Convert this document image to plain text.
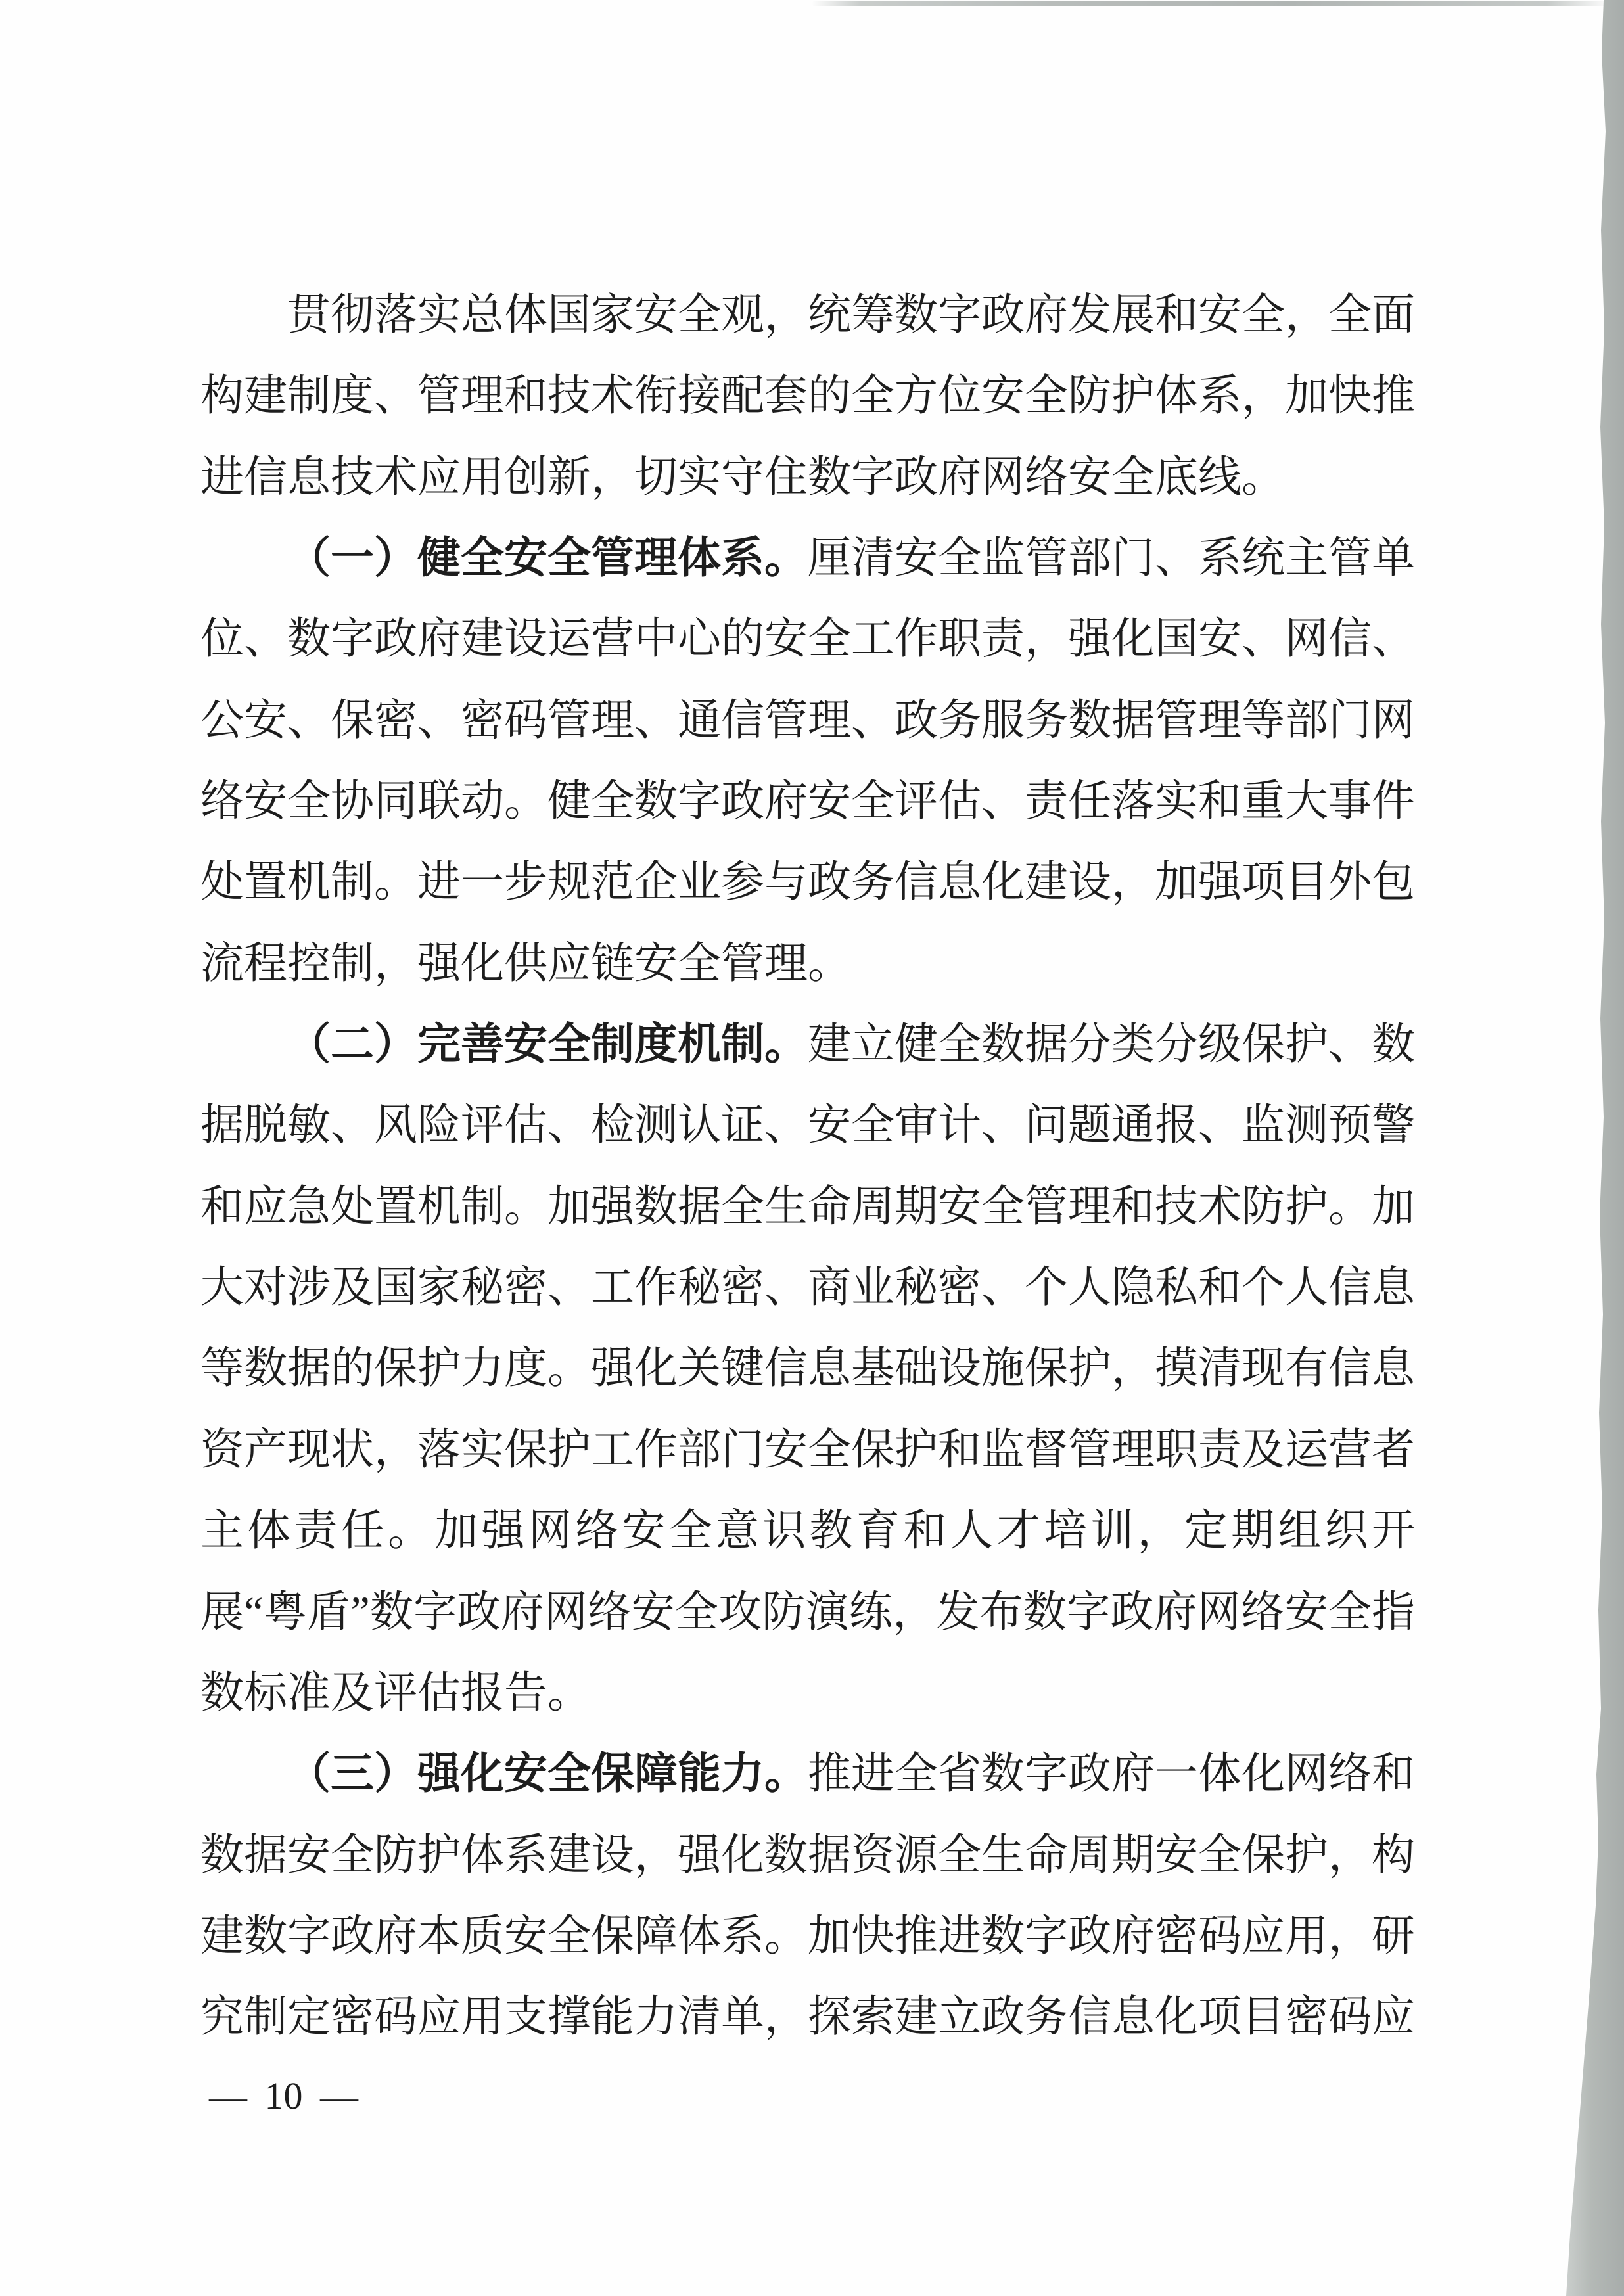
贯彻落实总体国家安全观，统筹数字政府发展和安全，全面构建制度、管理和技术衔接配套的全方位安全防护体系，加快推进信息技术应用创新，切实守住数字政府网络安全底线。

（一）健全安全管理体系。厘清安全监管部门、系统主管单位、数字政府建设运营中心的安全工作职责，强化国安、网信、公安、保密、密码管理、通信管理、政务服务数据管理等部门网络安全协同联动。健全数字政府安全评估、责任落实和重大事件处置机制。进一步规范企业参与政务信息化建设，加强项目外包流程控制，强化供应链安全管理。

（二）完善安全制度机制。建立健全数据分类分级保护、数据脱敏、风险评估、检测认证、安全审计、问题通报、监测预警和应急处置机制。加强数据全生命周期安全管理和技术防护。加大对涉及国家秘密、工作秘密、商业秘密、个人隐私和个人信息等数据的保护力度。强化关键信息基础设施保护，摸清现有信息资产现状，落实保护工作部门安全保护和监督管理职责及运营者主体责任。加强网络安全意识教育和人才培训，定期组织开展“粤盾”数字政府网络安全攻防演练，发布数字政府网络安全指数标准及评估报告。

（三）强化安全保障能力。推进全省数字政府一体化网络和数据安全防护体系建设，强化数据资源全生命周期安全保护，构建数字政府本质安全保障体系。加快推进数字政府密码应用，研究制定密码应用支撑能力清单，探索建立政务信息化项目密码应

— 10 —
